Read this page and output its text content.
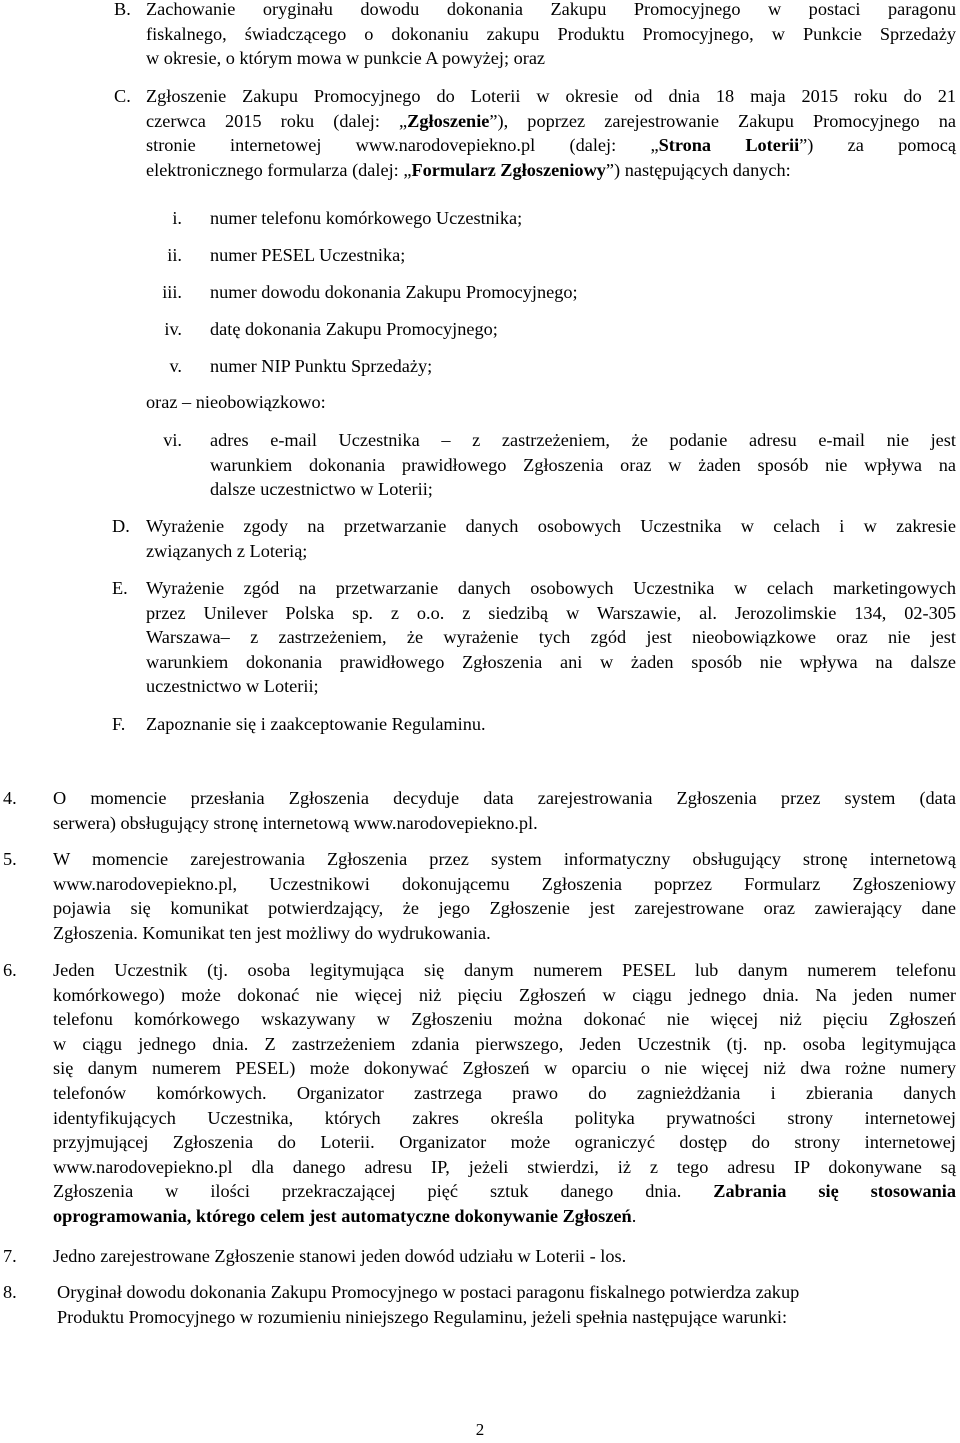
B. Zachowanie oryginału dowodu dokonania Zakupu Promocyjnego w postaci paragonu
fiskalnego, świadczącego o dokonaniu zakupu Produktu Promocyjnego, w Punkcie Sprzedaży
w okresie, o którym mowa w punkcie A powyżej; oraz
C. Zgłoszenie Zakupu Promocyjnego do Loterii w okresie od dnia 18 maja 2015 roku do 21
czerwca 2015 roku (dalej: „Zgłoszenie”), poprzez zarejestrowanie Zakupu Promocyjnego na
stronie internetowej www.narodovepiekno.pl (dalej: „Strona Loterii”) za pomocą
elektronicznego formularza (dalej: „Formularz Zgłoszeniowy”) następujących danych:
i. numer telefonu komórkowego Uczestnika;
ii. numer PESEL Uczestnika;
iii. numer dowodu dokonania Zakupu Promocyjnego;
iv. datę dokonania Zakupu Promocyjnego;
v. numer NIP Punktu Sprzedaży;
oraz – nieobowiązkowo:
vi. adres e-mail Uczestnika – z zastrzeżeniem, że podanie adresu e-mail nie jest
warunkiem dokonania prawidłowego Zgłoszenia oraz w żaden sposób nie wpływa na
dalsze uczestnictwo w Loterii;
D. Wyrażenie zgody na przetwarzanie danych osobowych Uczestnika w celach i w zakresie
związanych z Loterią;
E. Wyrażenie zgód na przetwarzanie danych osobowych Uczestnika w celach marketingowych
przez Unilever Polska sp. z o.o. z siedzibą w Warszawie, al. Jerozolimskie 134, 02-305
Warszawa– z zastrzeżeniem, że wyrażenie tych zgód jest nieobowiązkowe oraz nie jest
warunkiem dokonania prawidłowego Zgłoszenia ani w żaden sposób nie wpływa na dalsze
uczestnictwo w Loterii;
F. Zapoznanie się i zaakceptowanie Regulaminu.
4. O momencie przesłania Zgłoszenia decyduje data zarejestrowania Zgłoszenia przez system (data
serwera) obsługujący stronę internetową www.narodovepiekno.pl.
5. W momencie zarejestrowania Zgłoszenia przez system informatyczny obsługujący stronę internetową
www.narodovepiekno.pl, Uczestnikowi dokonującemu Zgłoszenia poprzez Formularz Zgłoszeniowy
pojawia się komunikat potwierdzający, że jego Zgłoszenie jest zarejestrowane oraz zawierający dane
Zgłoszenia. Komunikat ten jest możliwy do wydrukowania.
6. Jeden Uczestnik (tj. osoba legitymująca się danym numerem PESEL lub danym numerem telefonu
komórkowego) może dokonać nie więcej niż pięciu Zgłoszeń w ciągu jednego dnia. Na jeden numer
telefonu komórkowego wskazywany w Zgłoszeniu można dokonać nie więcej niż pięciu Zgłoszeń
w ciągu jednego dnia. Z zastrzeżeniem zdania pierwszego, Jeden Uczestnik (tj. np. osoba legitymująca
się danym numerem PESEL) może dokonywać Zgłoszeń w oparciu o nie więcej niż dwa rożne numery
telefonów komórkowych. Organizator zastrzega prawo do zagnieżdżania i zbierania danych
identyfikujących Uczestnika, których zakres określa polityka prywatności strony internetowej
przyjmującej Zgłoszenia do Loterii. Organizator może ograniczyć dostęp do strony internetowej
www.narodovepiekno.pl dla danego adresu IP, jeżeli stwierdzi, iż z tego adresu IP dokonywane są
Zgłoszenia w ilości przekraczającej pięć sztuk danego dnia. Zabrania się stosowania
oprogramowania, którego celem jest automatyczne dokonywanie Zgłoszeń.
7. Jedno zarejestrowane Zgłoszenie stanowi jeden dowód udziału w Loterii - los.
8. Oryginał dowodu dokonania Zakupu Promocyjnego w postaci paragonu fiskalnego potwierdza zakup
Produktu Promocyjnego w rozumieniu niniejszego Regulaminu, jeżeli spełnia następujące warunki:
2
